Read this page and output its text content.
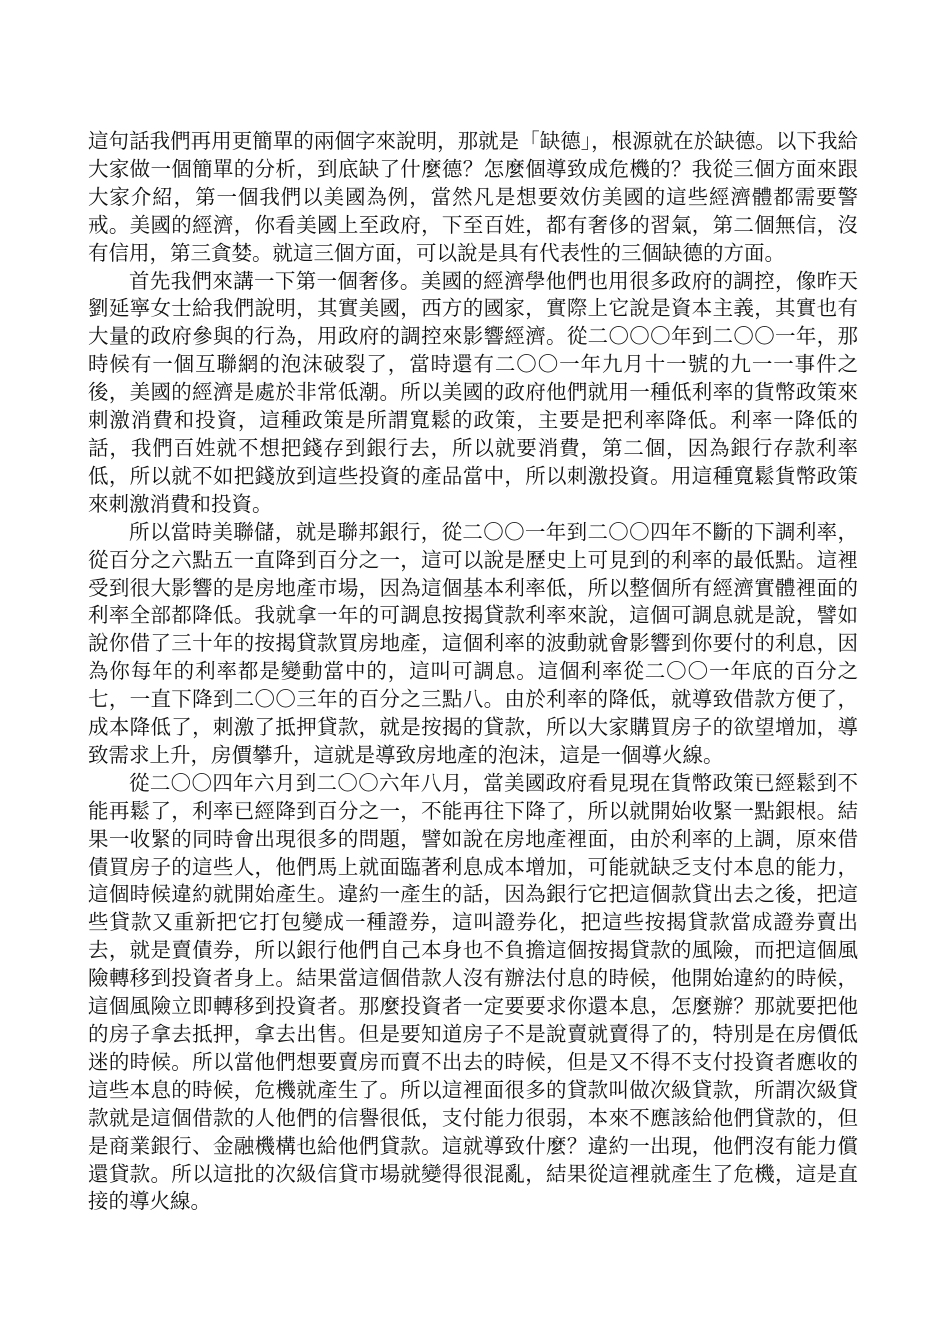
這句話我們再用更簡單的兩個字來說明，那就是「缺德」，根源就在於缺德。以下我給大家做一個簡單的分析，到底缺了什麼德？怎麼個導致成危機的？我從三個方面來跟大家介紹，第一個我們以美國為例，當然凡是想要效仿美國的這些經濟體都需要警戒。美國的經濟，你看美國上至政府，下至百姓，都有奢侈的習氣，第二個無信，沒有信用，第三貪婪。就這三個方面，可以說是具有代表性的三個缺德的方面。

首先我們來講一下第一個奢侈。美國的經濟學他們也用很多政府的調控，像昨天劉延寧女士給我們說明，其實美國，西方的國家，實際上它說是資本主義，其實也有大量的政府參與的行為，用政府的調控來影響經濟。從二〇〇〇年到二〇〇一年，那時候有一個互聯網的泡沫破裂了，當時還有二〇〇一年九月十一號的九一一事件之後，美國的經濟是處於非常低潮。所以美國的政府他們就用一種低利率的貨幣政策來刺激消費和投資，這種政策是所謂寬鬆的政策，主要是把利率降低。利率一降低的話，我們百姓就不想把錢存到銀行去，所以就要消費，第二個，因為銀行存款利率低，所以就不如把錢放到這些投資的產品當中，所以刺激投資。用這種寬鬆貨幣政策來刺激消費和投資。

所以當時美聯儲，就是聯邦銀行，從二〇〇一年到二〇〇四年不斷的下調利率，從百分之六點五一直降到百分之一，這可以說是歷史上可見到的利率的最低點。這裡受到很大影響的是房地產市場，因為這個基本利率低，所以整個所有經濟實體裡面的利率全部都降低。我就拿一年的可調息按揭貸款利率來說，這個可調息就是說，譬如說你借了三十年的按揭貸款買房地產，這個利率的波動就會影響到你要付的利息，因為你每年的利率都是變動當中的，這叫可調息。這個利率從二〇〇一年底的百分之七，一直下降到二〇〇三年的百分之三點八。由於利率的降低，就導致借款方便了，成本降低了，刺激了抵押貸款，就是按揭的貸款，所以大家購買房子的欲望增加，導致需求上升，房價攀升，這就是導致房地產的泡沫，這是一個導火線。

從二〇〇四年六月到二〇〇六年八月，當美國政府看見現在貨幣政策已經鬆到不能再鬆了，利率已經降到百分之一，不能再往下降了，所以就開始收緊一點銀根。結果一收緊的同時會出現很多的問題，譬如說在房地產裡面，由於利率的上調，原來借債買房子的這些人，他們馬上就面臨著利息成本增加，可能就缺乏支付本息的能力，這個時候違約就開始產生。違約一產生的話，因為銀行它把這個款貸出去之後，把這些貸款又重新把它打包變成一種證券，這叫證券化，把這些按揭貸款當成證券賣出去，就是賣債券，所以銀行他們自己本身也不負擔這個按揭貸款的風險，而把這個風險轉移到投資者身上。結果當這個借款人沒有辦法付息的時候，他開始違約的時候，這個風險立即轉移到投資者。那麼投資者一定要要求你還本息，怎麼辦？那就要把他的房子拿去抵押，拿去出售。但是要知道房子不是說賣就賣得了的，特別是在房價低迷的時候。所以當他們想要賣房而賣不出去的時候，但是又不得不支付投資者應收的這些本息的時候，危機就產生了。所以這裡面很多的貸款叫做次級貸款，所謂次級貸款就是這個借款的人他們的信譽很低，支付能力很弱，本來不應該給他們貸款的，但是商業銀行、金融機構也給他們貸款。這就導致什麼？違約一出現，他們沒有能力償還貸款。所以這批的次級信貸市場就變得很混亂，結果從這裡就產生了危機，這是直接的導火線。
